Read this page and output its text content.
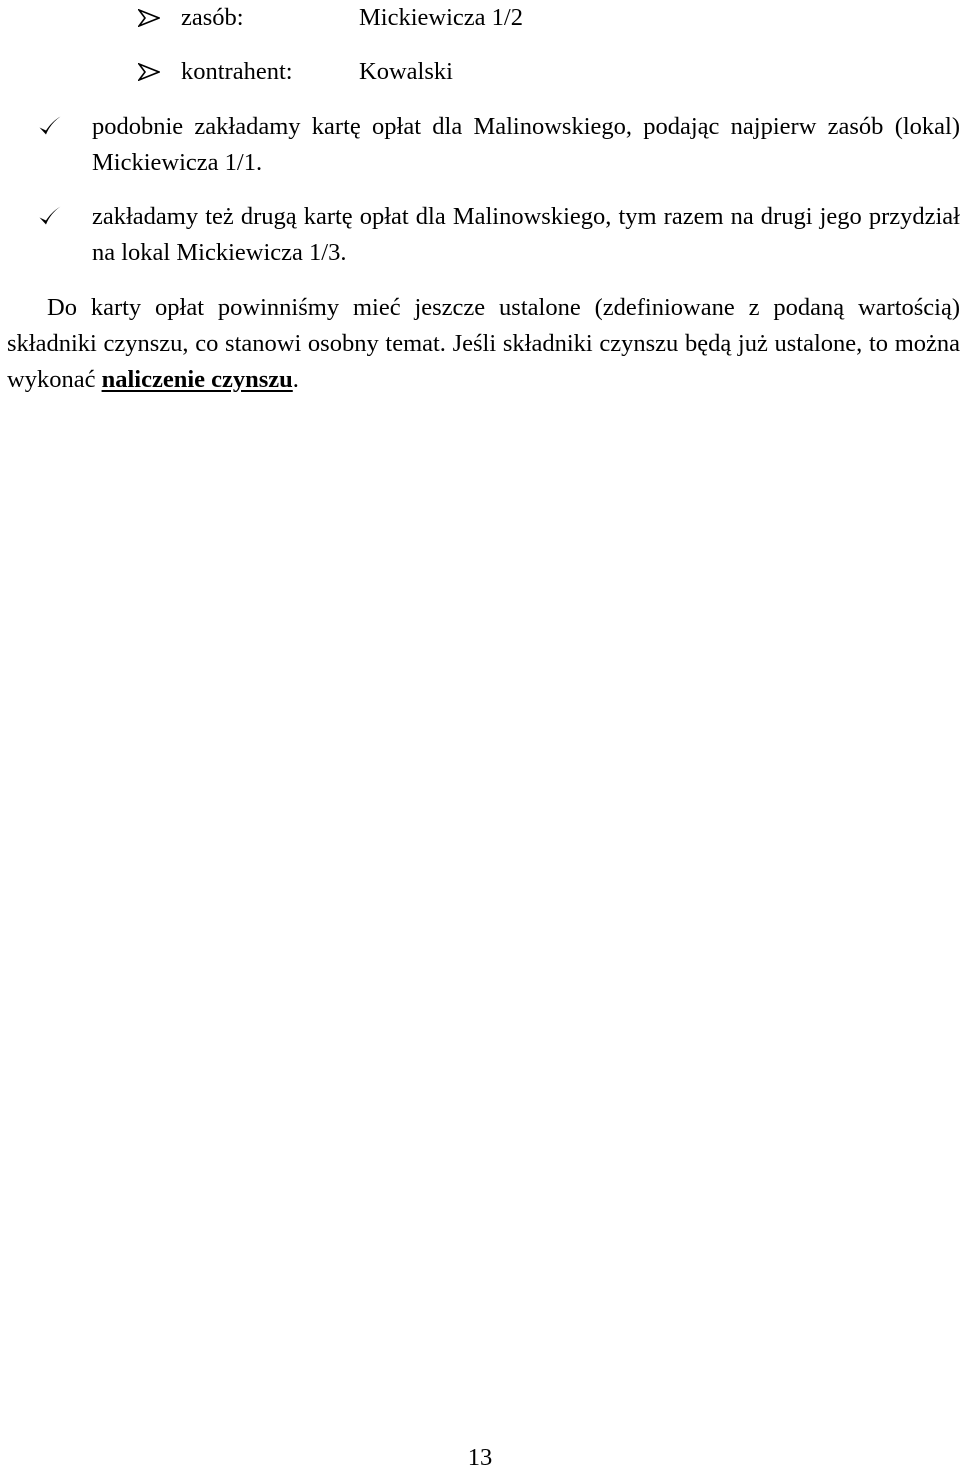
zasób:	Mickiewicza 1/2
kontrahent:	Kowalski
podobnie zakładamy kartę opłat dla Malinowskiego, podając najpierw zasób (lokal) Mickiewicza 1/1.
zakładamy też drugą kartę opłat dla Malinowskiego, tym razem na drugi jego przydział na lokal Mickiewicza 1/3.

Do karty opłat powinniśmy mieć jeszcze ustalone (zdefiniowane z podaną wartością) składniki czynszu, co stanowi osobny temat. Jeśli składniki czynszu będą już ustalone, to można wykonać naliczenie czynszu.

13
